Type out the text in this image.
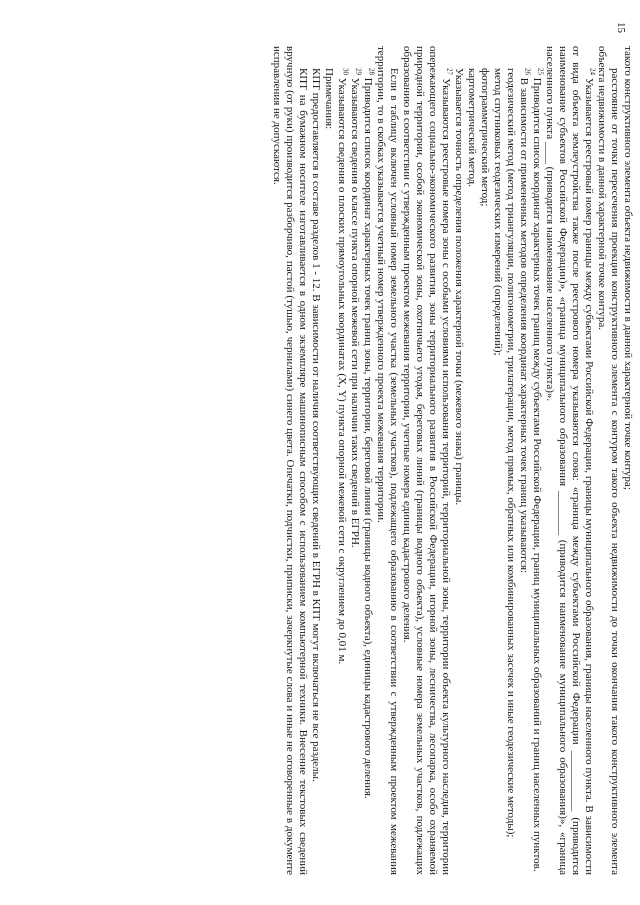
15

такого конструктивного элемента объекта недвижимости в данной характерной точке контура;

расстояние от точки пересечения проекции конструктивного элемента с контуром такого объекта недвижимости до точки окончания такого конструктивного элемента объекта недвижимости в данной характерной точке контура.

$^{24}$ Указывается реестровый номер границы между субъектами Российской Федерации, границы муниципального образования, границы населенного пункта. В зависимости от вида объекта землеустройства также после реестрового номера указываются слова: «граница между субъектами Российской Федерации ___________ (приводится наименование субъектов Российской Федерации)», «граница муниципального образования ________ (приводится наименование муниципального образования)», «граница населенного пункта ____ (приводится наименование населенного пункта)».

$^{25}$ Приводится список координат характерных точек границ между субъектами Российской Федерации, границ муниципальных образований и границ населенных пунктов.

$^{26}$ В зависимости от примененных методов определения координат характерных точек границ указываются:

геодезический метод (метод триангуляции, полигонометрии, трилатерации, метод прямых, обратных или комбинированных засечек и иные геодезические методы);

метод спутниковых геодезических измерений (определений);

фотограмметрический метод;

картометрический метод.

Указывается точность определения положения характерной точки (межевого знака) границы.

$^{27}$ Указываются реестровые номера зоны с особыми условиями использования территорий, территориальной зоны, территории объекта культурного наследия, территории опережающего социально-экономического развития, зоны территориального развития в Российской Федерации, игорной зоны, лесничества, лесопарка, особо охраняемой природной территории, особой экономической зоны, охотничьего угодья, береговых линий (границы водного объекта), условные номера земельных участков, подлежащих образованию в соответствии с утвержденным проектом межевания территории, учетные номера единиц кадастрового деления.

Если в таблицу включен условный номер земельного участка (земельных участков), подлежащего образованию в соответствии с утвержденным проектом межевания территории, то в скобках указывается учетный номер утвержденного проекта межевания территории.

$^{28}$ Приводится список координат характерных точек границ зоны, территории, береговой линии (границы водного объекта), единицы кадастрового деления.

$^{29}$ Указываются сведения о классе пункта опорной межевой сети при наличии таких сведений в ЕГРН.

$^{30}$ Указываются сведения о плоских прямоугольных координатах (X, Y) пункта опорной межевой сети с округлением до 0,01 м.

Примечания:

КПТ предоставляется в составе разделов 1 - 12. В зависимости от наличия соответствующих сведений в ЕГРН в КПТ могут включаться не все разделы.

КПТ на бумажном носителе изготавливается в одном экземпляре машинописным способом с использованием компьютерной техники. Внесение текстовых сведений вручную (от руки) производится разборчиво, пастой (тушью, чернилами) синего цвета. Опечатки, подчистки, приписки, зачеркнутые слова и иные не оговоренные в документе исправления не допускаются.
